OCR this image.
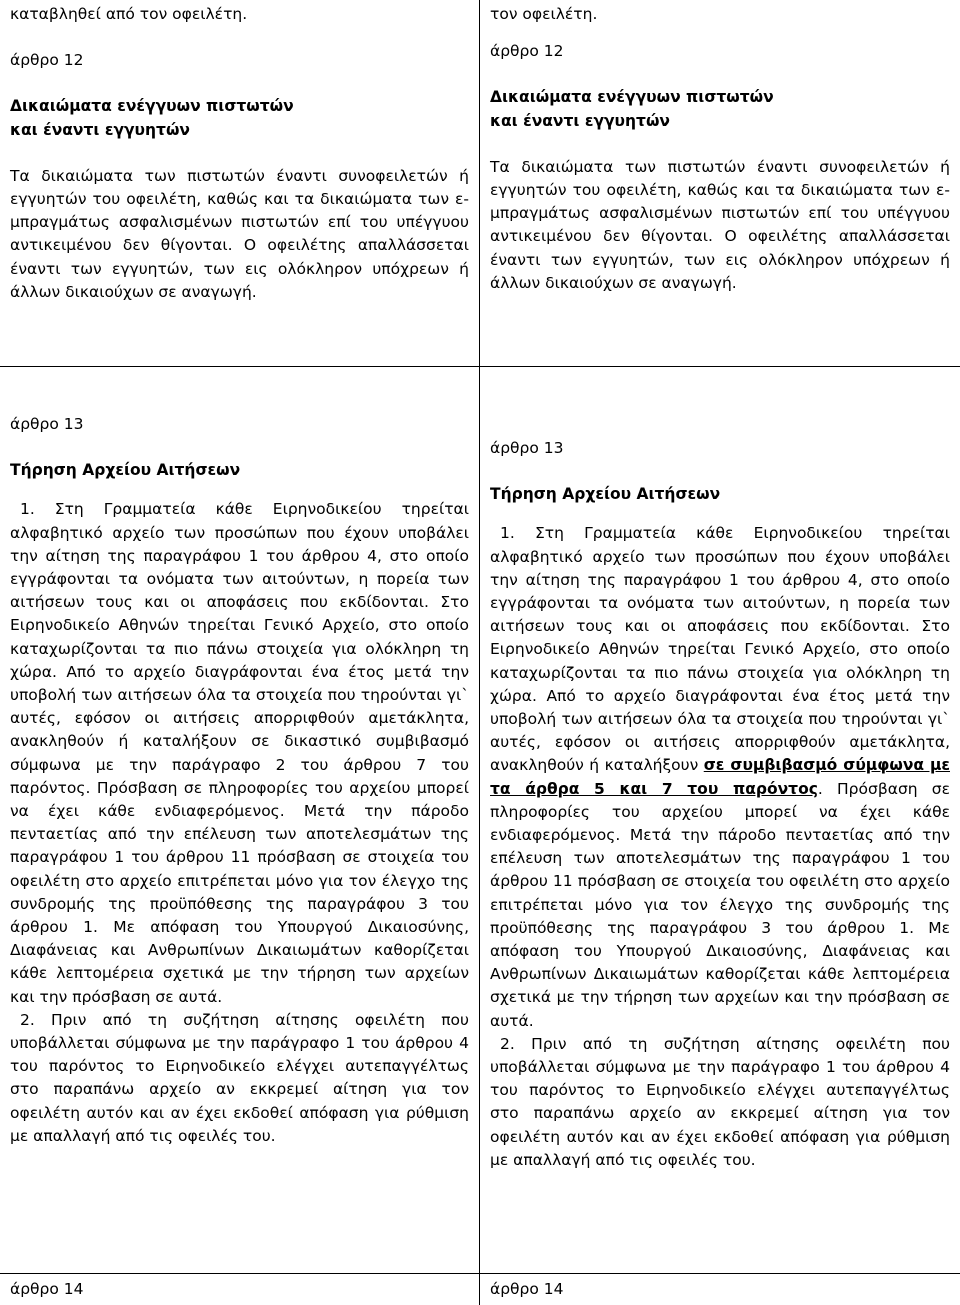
καταβληθεί από τον οφειλέτη.

άρθρο 12

Δικαιώματα ενέγγυων πιστωτών
και έναντι εγγυητών

Τα δικαιώματα των πιστωτών έναντι συνοφειλετών ή εγγυητών του οφειλέτη, καθώς και τα δικαιώματα των ε-μπραγμάτως ασφαλισμένων πιστωτών επί του υπέγγυου αντικειμένου δεν θίγονται. Ο οφειλέτης απαλλάσσεται έναντι των εγγυητών, των εις ολόκληρον υπόχρεων ή άλλων δικαιούχων σε αναγωγή.

τον οφειλέτη.

άρθρο 12

Δικαιώματα ενέγγυων πιστωτών
και έναντι εγγυητών

Τα δικαιώματα των πιστωτών έναντι συνοφειλετών ή εγγυητών του οφειλέτη, καθώς και τα δικαιώματα των ε-μπραγμάτως ασφαλισμένων πιστωτών επί του υπέγγυου αντικειμένου δεν θίγονται. Ο οφειλέτης απαλλάσσεται έναντι των εγγυητών, των εις ολόκληρον υπόχρεων ή άλλων δικαιούχων σε αναγωγή.

άρθρο 13

Τήρηση Αρχείου Αιτήσεων

1. Στη Γραμματεία κάθε Ειρηνοδικείου τηρείται αλφαβητικό αρχείο των προσώπων που έχουν υποβάλει την αίτηση της παραγράφου 1 του άρθρου 4, στο οποίο εγγράφονται τα ονόματα των αιτούντων, η πορεία των αιτήσεων τους και οι αποφάσεις που εκδίδονται. Στο Ειρηνοδικείο Αθηνών τηρείται Γενικό Αρχείο, στο οποίο καταχωρίζονται τα πιο πάνω στοιχεία για ολόκληρη τη χώρα. Από το αρχείο διαγράφονται ένα έτος μετά την υποβολή των αιτήσεων όλα τα στοιχεία που τηρούνται γι` αυτές, εφόσον οι αιτήσεις απορριφθούν αμετάκλητα, ανακληθούν ή καταλήξουν σε δικαστικό συμβιβασμό σύμφωνα με την παράγραφο 2 του άρθρου 7 του παρόντος. Πρόσβαση σε πληροφορίες του αρχείου μπορεί να έχει κάθε ενδιαφερόμενος. Μετά την πάροδο πενταετίας από την επέλευση των αποτελεσμάτων της παραγράφου 1 του άρθρου 11 πρόσβαση σε στοιχεία του οφειλέτη στο αρχείο επιτρέπεται μόνο για τον έλεγχο της συνδρομής της προϋπόθεσης της παραγράφου 3 του άρθρου 1. Με απόφαση του Υπουργού Δικαιοσύνης, Διαφάνειας και Ανθρωπίνων Δικαιωμάτων καθορίζεται κάθε λεπτομέρεια σχετικά με την τήρηση των αρχείων και την πρόσβαση σε αυτά.

2. Πριν από τη συζήτηση αίτησης οφειλέτη που υποβάλλεται σύμφωνα με την παράγραφο 1 του άρθρου 4 του παρόντος το Ειρηνοδικείο ελέγχει αυτεπαγγέλτως στο παραπάνω αρχείο αν εκκρεμεί αίτηση για τον οφειλέτη αυτόν και αν έχει εκδοθεί απόφαση για ρύθμιση με απαλλαγή από τις οφειλές του.

άρθρο 13

Τήρηση Αρχείου Αιτήσεων

1. Στη Γραμματεία κάθε Ειρηνοδικείου τηρείται αλφαβητικό αρχείο των προσώπων που έχουν υποβάλει την αίτηση της παραγράφου 1 του άρθρου 4, στο οποίο εγγράφονται τα ονόματα των αιτούντων, η πορεία των αιτήσεων τους και οι αποφάσεις που εκδίδονται. Στο Ειρηνοδικείο Αθηνών τηρείται Γενικό Αρχείο, στο οποίο καταχωρίζονται τα πιο πάνω στοιχεία για ολόκληρη τη χώρα. Από το αρχείο διαγράφονται ένα έτος μετά την υποβολή των αιτήσεων όλα τα στοιχεία που τηρούνται γι` αυτές, εφόσον οι αιτήσεις απορριφθούν αμετάκλητα, ανακληθούν ή καταλήξουν σε συμβιβασμό σύμφωνα με τα άρθρα 5 και 7 του παρόντος. Πρόσβαση σε πληροφορίες του αρχείου μπορεί να έχει κάθε ενδιαφερόμενος. Μετά την πάροδο πενταετίας από την επέλευση των αποτελεσμάτων της παραγράφου 1 του άρθρου 11 πρόσβαση σε στοιχεία του οφειλέτη στο αρχείο επιτρέπεται μόνο για τον έλεγχο της συνδρομής της προϋπόθεσης της παραγράφου 3 του άρθρου 1. Με απόφαση του Υπουργού Δικαιοσύνης, Διαφάνειας και Ανθρωπίνων Δικαιωμάτων καθορίζεται κάθε λεπτομέρεια σχετικά με την τήρηση των αρχείων και την πρόσβαση σε αυτά.

2. Πριν από τη συζήτηση αίτησης οφειλέτη που υποβάλλεται σύμφωνα με την παράγραφο 1 του άρθρου 4 του παρόντος το Ειρηνοδικείο ελέγχει αυτεπαγγέλτως στο παραπάνω αρχείο αν εκκρεμεί αίτηση για τον οφειλέτη αυτόν και αν έχει εκδοθεί απόφαση για ρύθμιση με απαλλαγή από τις οφειλές του.

άρθρο 14	άρθρο 14
